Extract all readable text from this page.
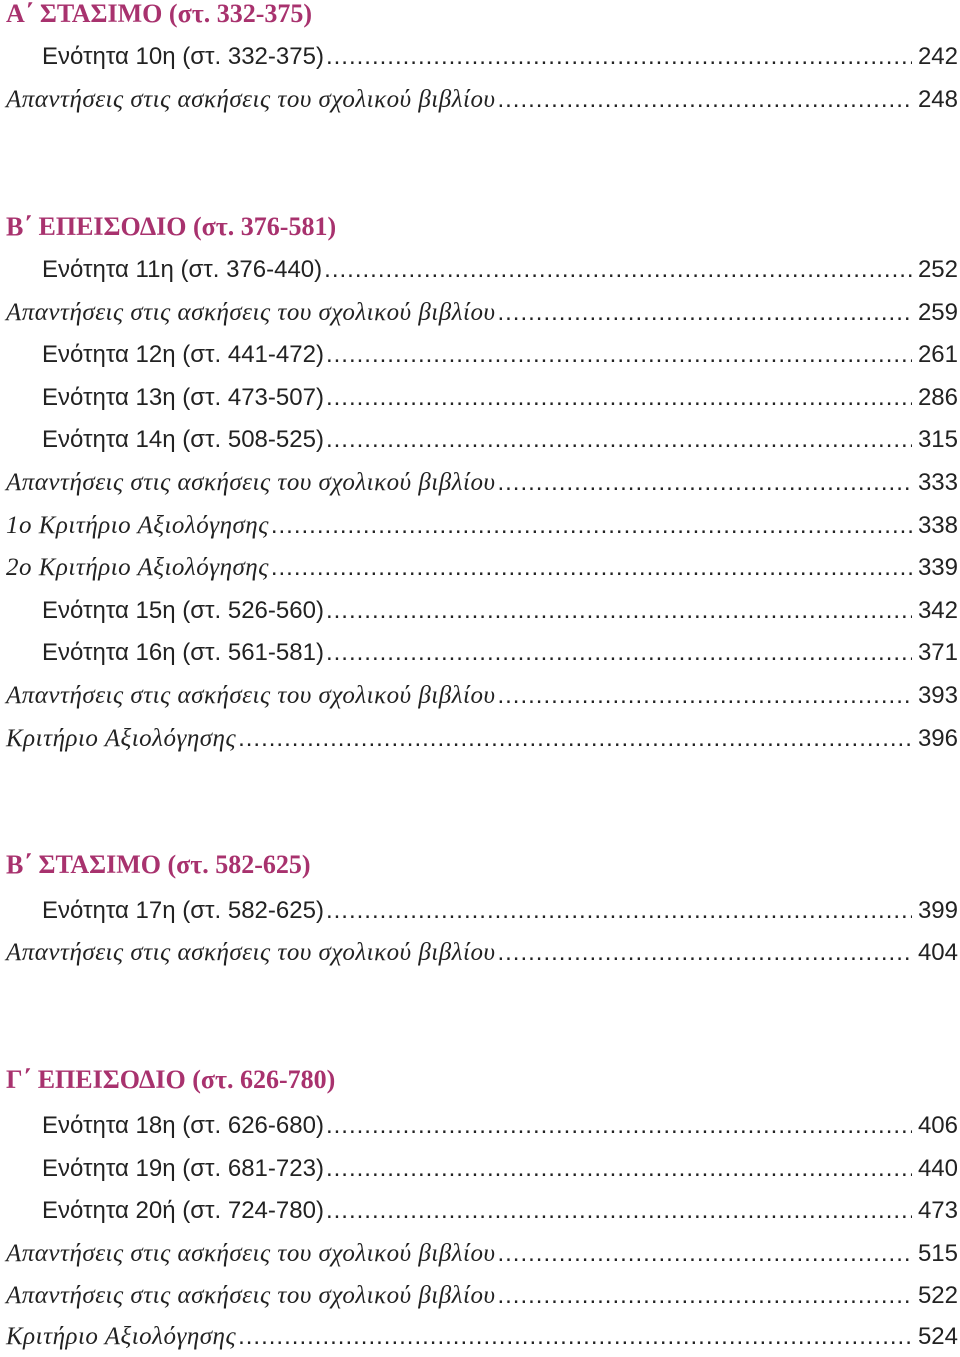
Α΄ ΣΤΑΣΙΜΟ (στ. 332-375)
Ενότητα 10η (στ. 332-375) .....	242
Απαντήσεις στις ασκήσεις του σχολικού βιβλίου .....	248
Β΄ ΕΠΕΙΣΟΔΙΟ (στ. 376-581)
Ενότητα 11η (στ. 376-440) .....	252
Απαντήσεις στις ασκήσεις του σχολικού βιβλίου .....	259
Ενότητα 12η (στ. 441-472) .....	261
Ενότητα 13η (στ. 473-507) .....	286
Ενότητα 14η (στ. 508-525) .....	315
Απαντήσεις στις ασκήσεις του σχολικού βιβλίου .....	333
1ο Κριτήριο Αξιολόγησης .....	338
2ο Κριτήριο Αξιολόγησης .....	339
Ενότητα 15η (στ. 526-560) .....	342
Ενότητα 16η (στ. 561-581) .....	371
Απαντήσεις στις ασκήσεις του σχολικού βιβλίου .....	393
Κριτήριο Αξιολόγησης .....	396
Β΄ ΣΤΑΣΙΜΟ (στ. 582-625)
Ενότητα 17η (στ. 582-625) .....	399
Απαντήσεις στις ασκήσεις του σχολικού βιβλίου .....	404
Γ΄ ΕΠΕΙΣΟΔΙΟ (στ. 626-780)
Ενότητα 18η (στ. 626-680) .....	406
Ενότητα 19η (στ. 681-723) .....	440
Ενότητα 20ή (στ. 724-780) .....	473
Απαντήσεις στις ασκήσεις του σχολικού βιβλίου .....	515
Απαντήσεις στις ασκήσεις του σχολικού βιβλίου .....	522
Κριτήριο Αξιολόγησης .....	524
